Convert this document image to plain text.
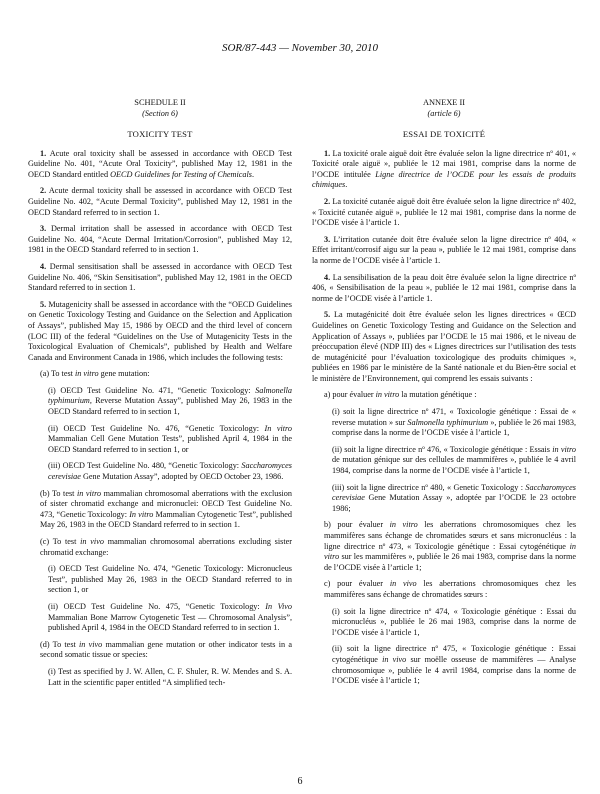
SOR/87-443 — November 30, 2010
SCHEDULE II
(Section 6)
TOXICITY TEST

1. Acute oral toxicity shall be assessed in accordance with OECD Test Guideline No. 401, “Acute Oral Toxicity”, published May 12, 1981 in the OECD Standard entitled OECD Guidelines for Testing of Chemicals.

2. Acute dermal toxicity shall be assessed in accordance with OECD Test Guideline No. 402, “Acute Dermal Toxicity”, published May 12, 1981 in the OECD Standard referred to in section 1.

3. Dermal irritation shall be assessed in accordance with OECD Test Guideline No. 404, “Acute Dermal Irritation/Corrosion”, published May 12, 1981 in the OECD Standard referred to in section 1.

4. Dermal sensitisation shall be assessed in accordance with OECD Test Guideline No. 406, “Skin Sensitisation”, published May 12, 1981 in the OECD Standard referred to in section 1.

5. Mutagenicity shall be assessed in accordance with the “OECD Guidelines on Genetic Toxicology Testing and Guidance on the Selection and Application of Assays”, published May 15, 1986 by OECD and the third level of concern (LOC III) of the federal “Guidelines on the Use of Mutagenicity Tests in the Toxicological Evaluation of Chemicals”, published by Health and Welfare Canada and Environment Canada in 1986, which includes the following tests:

(a) To test in vitro gene mutation:
(i) OECD Test Guideline No. 471, “Genetic Toxicology: Salmonella typhimurium, Reverse Mutation Assay”, published May 26, 1983 in the OECD Standard referred to in section 1,
(ii) OECD Test Guideline No. 476, “Genetic Toxicology: In vitro Mammalian Cell Gene Mutation Tests”, published April 4, 1984 in the OECD Standard referred to in section 1, or
(iii) OECD Test Guideline No. 480, “Genetic Toxicology: Saccharomyces cerevisiae Gene Mutation Assay”, adopted by OECD October 23, 1986.
(b) To test in vitro mammalian chromosomal aberrations with the exclusion of sister chromatid exchange and micronuclei: OECD Test Guideline No. 473, “Genetic Toxicology: In vitro Mammalian Cytogenetic Test”, published May 26, 1983 in the OECD Standard referred to in section 1.
(c) To test in vivo mammalian chromosomal aberrations excluding sister chromatid exchange:
(i) OECD Test Guideline No. 474, “Genetic Toxicology: Micronucleus Test”, published May 26, 1983 in the OECD Standard referred to in section 1, or
(ii) OECD Test Guideline No. 475, “Genetic Toxicology: In Vivo Mammalian Bone Marrow Cytogenetic Test — Chromosomal Analysis”, published April 4, 1984 in the OECD Standard referred to in section 1.
(d) To test in vivo mammalian gene mutation or other indicator tests in a second somatic tissue or species:
(i) Test as specified by J. W. Allen, C. F. Shuler, R. W. Mendes and S. A. Latt in the scientific paper entitled “A simplified tech-
ANNEXE II
(article 6)
ESSAI DE TOXICITÉ

1. La toxicité orale aiguë doit être évaluée selon la ligne directrice nº 401, « Toxicité orale aiguë », publiée le 12 mai 1981, comprise dans la norme de l’OCDE intitulée Ligne directrice de l’OCDE pour les essais de produits chimiques.

2. La toxicité cutanée aiguë doit être évaluée selon la ligne directrice nº 402, « Toxicité cutanée aiguë », publiée le 12 mai 1981, comprise dans la norme de l’OCDE visée à l’article 1.

3. L’irritation cutanée doit être évaluée selon la ligne directrice nº 404, « Effet irritant/corrosif aigu sur la peau », publiée le 12 mai 1981, comprise dans la norme de l’OCDE visée à l’article 1.

4. La sensibilisation de la peau doit être évaluée selon la ligne directrice nº 406, « Sensibilisation de la peau », publiée le 12 mai 1981, comprise dans la norme de l’OCDE visée à l’article 1.

5. La mutagénicité doit être évaluée selon les lignes directrices « ŒCD Guidelines on Genetic Toxicology Testing and Guidance on the Selection and Application of Assays », publiées par l’OCDE le 15 mai 1986, et le niveau de préoccupation élevé (NDP III) des « Lignes directrices sur l’utilisation des tests de mutagénicité pour l’évaluation toxicologique des produits chimiques », publiées en 1986 par le ministère de la Santé nationale et du Bien-être social et le ministère de l’Environnement, qui comprend les essais suivants :

a) pour évaluer in vitro la mutation génétique :
(i) soit la ligne directrice nº 471, « Toxicologie génétique : Essai de « reverse mutation » sur Salmonella typhimurium », publiée le 26 mai 1983, comprise dans la norme de l’OCDE visée à l’article 1,
(ii) soit la ligne directrice nº 476, « Toxicologie génétique : Essais in vitro de mutation génique sur des cellules de mammifères », publiée le 4 avril 1984, comprise dans la norme de l’OCDE visée à l’article 1,
(iii) soit la ligne directrice nº 480, « Genetic Toxicology : Saccharomyces cerevisiae Gene Mutation Assay », adoptée par l’OCDE le 23 octobre 1986;
b) pour évaluer in vitro les aberrations chromosomiques chez les mammifères sans échange de chromatides sœurs et sans micronucléus : la ligne directrice nº 473, « Toxicologie génétique : Essai cytogénétique in vitro sur les mammifères », publiée le 26 mai 1983, comprise dans la norme de l’OCDE visée à l’article 1;
c) pour évaluer in vivo les aberrations chromosomiques chez les mammifères sans échange de chromatides sœurs :
(i) soit la ligne directrice nº 474, « Toxicologie génétique : Essai du micronucléus », publiée le 26 mai 1983, comprise dans la norme de l’OCDE visée à l’article 1,
(ii) soit la ligne directrice nº 475, « Toxicologie génétique : Essai cytogénétique in vivo sur moëlle osseuse de mammifères — Analyse chromosomique », publiée le 4 avril 1984, comprise dans la norme de l’OCDE visée à l’article 1;
6
